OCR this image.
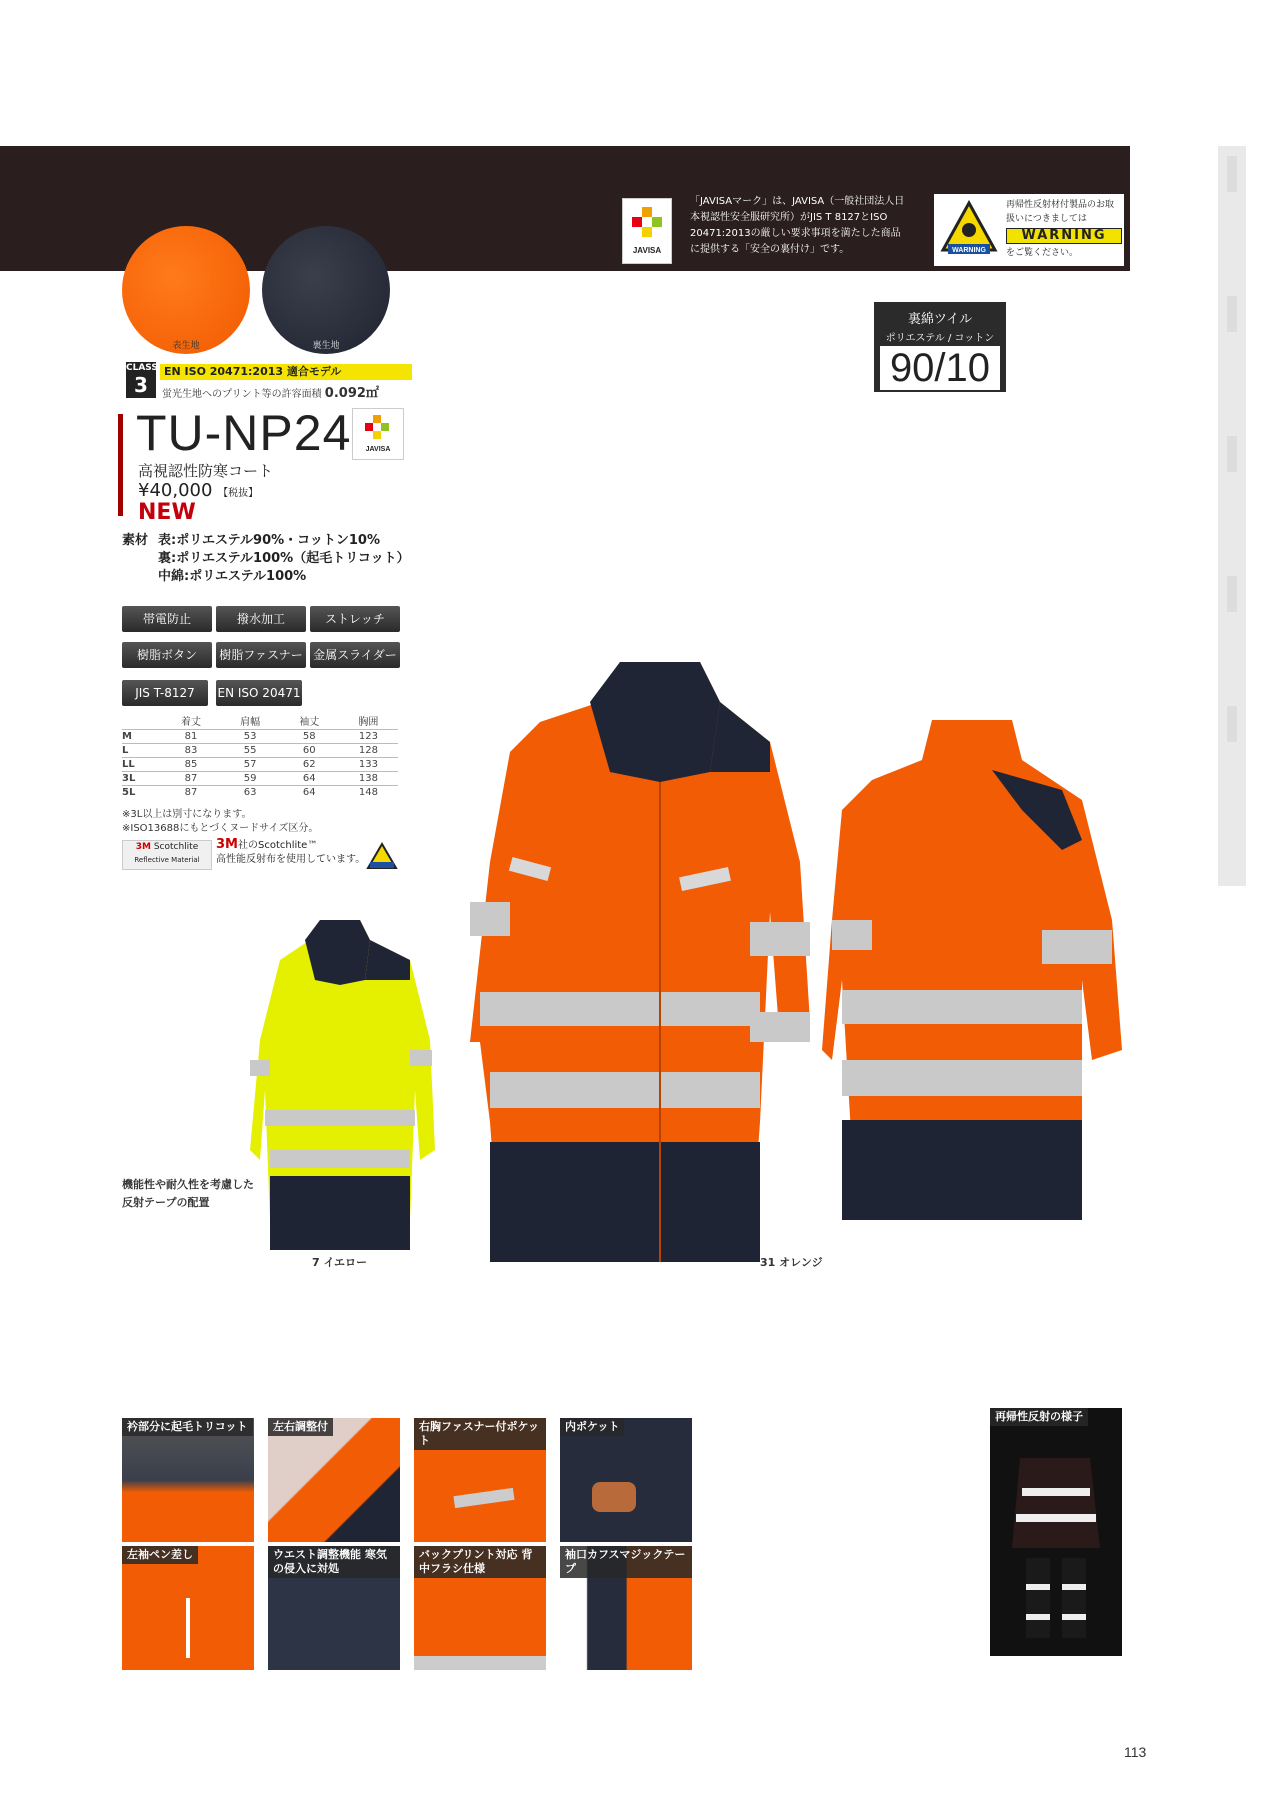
JAVISA
「JAVISAマーク」は、JAVISA（一般社団法人日本視認性安全服研究所）がJIS T 8127とISO 20471:2013の厳しい要求事項を満たした商品に提供する「安全の裏付け」です。	WARNING
再帰性反射材付製品のお取扱いにつきましては
WARNING
をご覧ください。
表生地	裏生地
裏綿ツイル
ポリエステル / コットン
90/10
CLASS
3
EN ISO 20471:2013 適合モデル
蛍光生地へのプリント等の許容面積 0.092㎡
TU-NP24 JAVISA
高視認性防寒コート
¥40,000 【税抜】
NEW
素材 表:ポリエステル90%・コットン10%
裏:ポリエステル100%（起毛トリコット）
中綿:ポリエステル100%
帯電防止	撥水加工	ストレッチ
樹脂ボタン	樹脂ファスナー 金属スライダー
JIS T-8127	EN ISO 20471
	着丈	肩幅	袖丈	胸囲
M	81	53	58	123
L	83	55	60	128
LL	85	57	62	133
3L	87	59	64	138
5L	87	63	64	148
※3L以上は別寸になります。
※ISO13688にもとづくヌードサイズ区分。
3M Scotchlite
Reflective Material
3M社のScotchlite™
高性能反射布を使用しています。
機能性や耐久性を考慮した
反射テープの配置
7 イエロー	31 オレンジ
衿部分に起毛トリコット	左右調整付	右胸ファスナー付ポケット
内ポケット
左袖ペン差し	ウエスト調整機能 寒気の侵入に対処
バックプリント対応 背中フラシ仕様
袖口カフスマジックテープ
再帰性反射の様子
113
